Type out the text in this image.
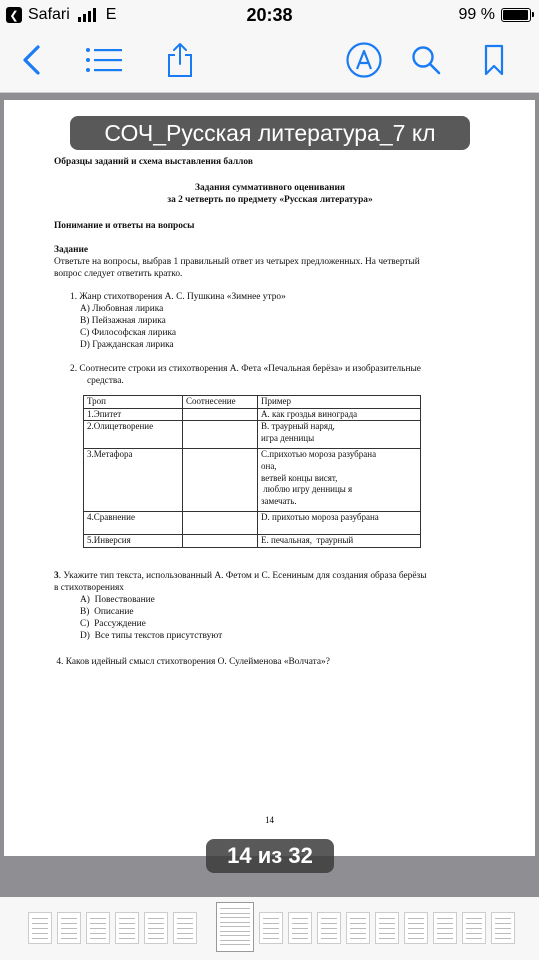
❮ Safari E	20:38	99 %
СОЧ_Русская литература_7 кл
Образцы заданий и схема выставления баллов
Задания суммативного оценивания
за 2 четверть по предмету «Русская литература»
Понимание и ответы на вопросы
Задание
Ответьте на вопросы, выбрав 1 правильный ответ из четырех предложенных. На четвертый
вопрос следует ответить кратко.
1. Жанр стихотворения А. С. Пушкина «Зимнее утро»
A) Любовная лирика
B) Пейзажная лирика
C) Философская лирика
D) Гражданская лирика
2. Соотнесите строки из стихотворения А. Фета «Печальная берёза» и изобразительные
средства.
Троп	Соотнесение	Пример
1.Эпитет		A. как гроздья винограда

2.Олицетворение		B. траурный наряд,
игра денницы

3.Метафора		C.прихотью мороза разубрана
она,
ветвей концы висят,
люблю игру денницы я
замечать.

4.Сравнение		D. прихотью мороза разубрана

5.Инверсия		E. печальная,  траурный
3. Укажите тип текста, использованный А. Фетом и С. Есениным для создания образа берёзы
в стихотворениях
A)  Повествование
B)  Описание
C)  Рассуждение
D)  Все типы текстов присутствуют
4. Каков идейный смысл стихотворения О. Сулейменова «Волчата»?
14
14 из 32
